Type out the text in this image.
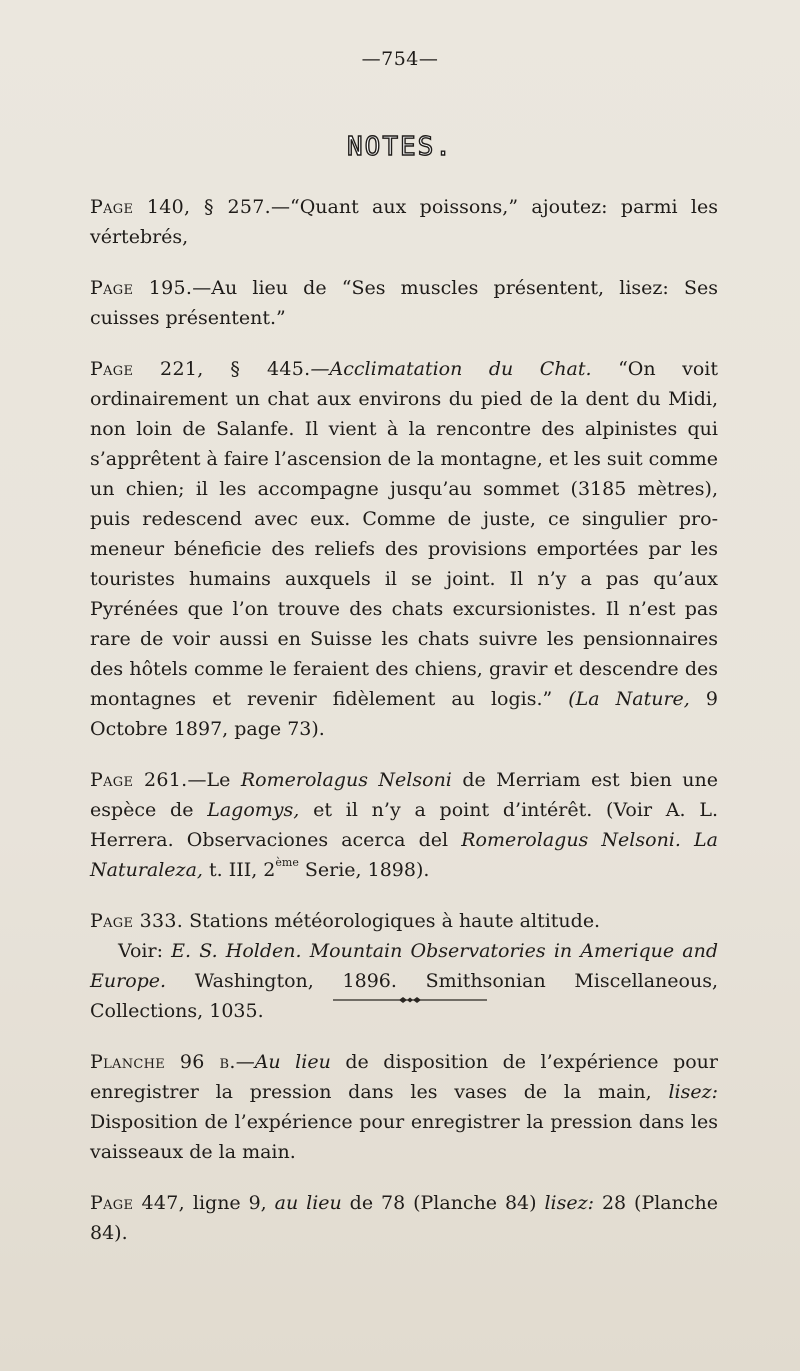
—754—
NOTES.

Page 140, § 257.—“Quant aux poissons,” ajoutez: parmi les vértebrés,

Page 195.—Au lieu de “Ses muscles présentent, lisez: Ses cuisses présentent.”

Page 221, § 445.—Acclimatation du Chat. “On voit ordinairement un chat aux environs du pied de la dent du Midi, non loin de Salanfe. Il vient à la rencontre des alpinistes qui s’apprêtent à faire l’ascension de la montagne, et les suit comme un chien; il les accompagne jusqu’au sommet (3185 mètres), puis redescend avec eux. Comme de juste, ce singulier promeneur béneficie des reliefs des provisions emportées par les touristes humains auxquels il se joint. Il n’y a pas qu’aux Pyrénées que l’on trouve des chats excursionistes. Il n’est pas rare de voir aussi en Suisse les chats suivre les pensionnaires des hôtels comme le feraient des chiens, gravir et descendre des montagnes et revenir fidèlement au logis.” (La Nature, 9 Octobre 1897, page 73).

Page 261.—Le Romerolagus Nelsoni de Merriam est bien une espèce de Lagomys, et il n’y a point d’intérêt. (Voir A. L. Herrera. Observaciones acerca del Romerolagus Nelsoni. La Naturaleza, t. III, 2ème Serie, 1898).

Page 333. Stations météorologiques à haute altitude.
Voir: E. S. Holden. Mountain Observatories in Amerique and Europe. Washington, 1896. Smithsonian Miscellaneous, Collections, 1035.

Planche 96 b.—Au lieu de disposition de l’expérience pour enregistrer la pression dans les vases de la main, lisez: Disposition de l’expérience pour enregistrer la pression dans les vaisseaux de la main.

Page 447, ligne 9, au lieu de 78 (Planche 84) lisez: 28 (Planche 84).
